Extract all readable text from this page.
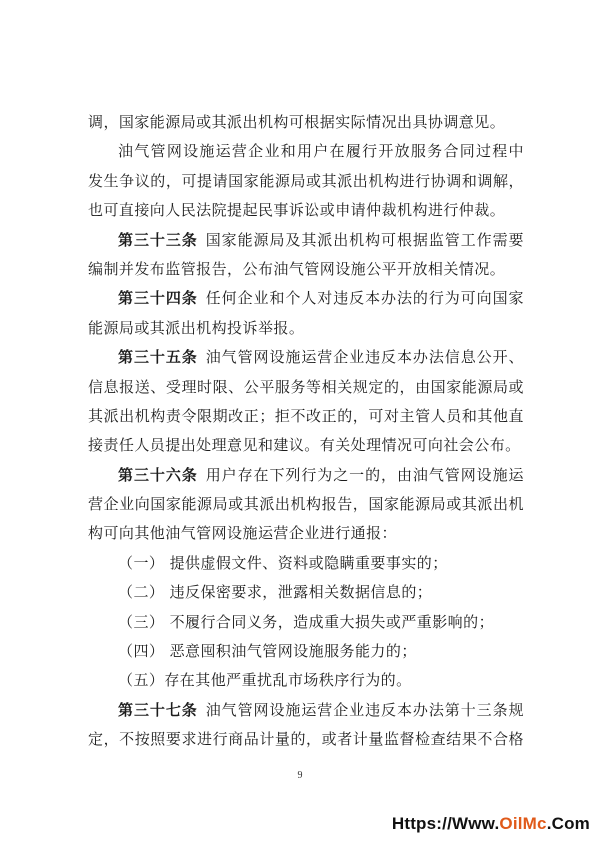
调，国家能源局或其派出机构可根据实际情况出具协调意见。
油气管网设施运营企业和用户在履行开放服务合同过程中
发生争议的，可提请国家能源局或其派出机构进行协调和调解，
也可直接向人民法院提起民事诉讼或申请仲裁机构进行仲裁。
第三十三条 国家能源局及其派出机构可根据监管工作需要
编制并发布监管报告，公布油气管网设施公平开放相关情况。
第三十四条 任何企业和个人对违反本办法的行为可向国家
能源局或其派出机构投诉举报。
第三十五条 油气管网设施运营企业违反本办法信息公开、
信息报送、受理时限、公平服务等相关规定的，由国家能源局或
其派出机构责令限期改正；拒不改正的，可对主管人员和其他直
接责任人员提出处理意见和建议。有关处理情况可向社会公布。
第三十六条 用户存在下列行为之一的，由油气管网设施运
营企业向国家能源局或其派出机构报告，国家能源局或其派出机
构可向其他油气管网设施运营企业进行通报：
（一） 提供虚假文件、资料或隐瞒重要事实的；
（二） 违反保密要求，泄露相关数据信息的；
（三） 不履行合同义务，造成重大损失或严重影响的；
（四） 恶意囤积油气管网设施服务能力的；
（五）存在其他严重扰乱市场秩序行为的。
第三十七条 油气管网设施运营企业违反本办法第十三条规
定，不按照要求进行商品计量的，或者计量监督检查结果不合格
9
Https://Www.OilMc.Com
